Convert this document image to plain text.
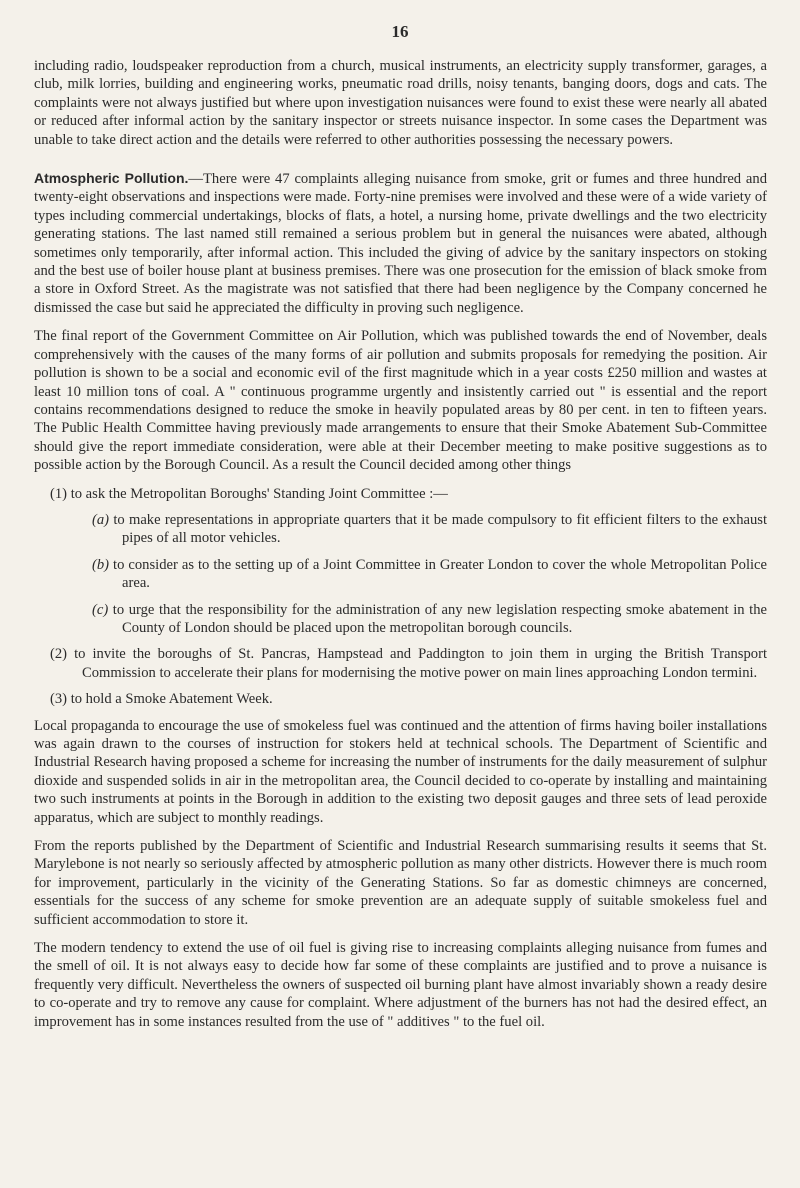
16

including radio, loudspeaker reproduction from a church, musical instruments, an electricity supply transformer, garages, a club, milk lorries, building and engineering works, pneumatic road drills, noisy tenants, banging doors, dogs and cats. The complaints were not always justified but where upon investigation nuisances were found to exist these were nearly all abated or reduced after informal action by the sanitary inspector or streets nuisance inspector. In some cases the Department was unable to take direct action and the details were referred to other authorities possessing the necessary powers.

Atmospheric Pollution.—There were 47 complaints alleging nuisance from smoke, grit or fumes and three hundred and twenty-eight observations and inspections were made. Forty-nine premises were involved and these were of a wide variety of types including commercial undertakings, blocks of flats, a hotel, a nursing home, private dwellings and the two electricity generating stations. The last named still remained a serious problem but in general the nuisances were abated, although sometimes only temporarily, after informal action. This included the giving of advice by the sanitary inspectors on stoking and the best use of boiler house plant at business premises. There was one prosecution for the emission of black smoke from a store in Oxford Street. As the magistrate was not satisfied that there had been negligence by the Company concerned he dismissed the case but said he appreciated the difficulty in proving such negligence.

The final report of the Government Committee on Air Pollution, which was published towards the end of November, deals comprehensively with the causes of the many forms of air pollution and submits proposals for remedying the position. Air pollution is shown to be a social and economic evil of the first magnitude which in a year costs £250 million and wastes at least 10 million tons of coal. A " continuous programme urgently and insistently carried out " is essential and the report contains recommendations designed to reduce the smoke in heavily populated areas by 80 per cent. in ten to fifteen years. The Public Health Committee having previously made arrangements to ensure that their Smoke Abatement Sub-Committee should give the report immediate consideration, were able at their December meeting to make positive suggestions as to possible action by the Borough Council. As a result the Council decided among other things

(1) to ask the Metropolitan Boroughs' Standing Joint Committee :—
(a) to make representations in appropriate quarters that it be made compulsory to fit efficient filters to the exhaust pipes of all motor vehicles.
(b) to consider as to the setting up of a Joint Committee in Greater London to cover the whole Metropolitan Police area.
(c) to urge that the responsibility for the administration of any new legislation respecting smoke abatement in the County of London should be placed upon the metropolitan borough councils.
(2) to invite the boroughs of St. Pancras, Hampstead and Paddington to join them in urging the British Transport Commission to accelerate their plans for modernising the motive power on main lines approaching London termini.
(3) to hold a Smoke Abatement Week.

Local propaganda to encourage the use of smokeless fuel was continued and the attention of firms having boiler installations was again drawn to the courses of instruction for stokers held at technical schools. The Department of Scientific and Industrial Research having proposed a scheme for increasing the number of instruments for the daily measurement of sulphur dioxide and suspended solids in air in the metropolitan area, the Council decided to co-operate by installing and maintaining two such instruments at points in the Borough in addition to the existing two deposit gauges and three sets of lead peroxide apparatus, which are subject to monthly readings.

From the reports published by the Department of Scientific and Industrial Research summarising results it seems that St. Marylebone is not nearly so seriously affected by atmospheric pollution as many other districts. However there is much room for improvement, particularly in the vicinity of the Generating Stations. So far as domestic chimneys are concerned, essentials for the success of any scheme for smoke prevention are an adequate supply of suitable smokeless fuel and sufficient accommodation to store it.

The modern tendency to extend the use of oil fuel is giving rise to increasing complaints alleging nuisance from fumes and the smell of oil. It is not always easy to decide how far some of these complaints are justified and to prove a nuisance is frequently very difficult. Nevertheless the owners of suspected oil burning plant have almost invariably shown a ready desire to co-operate and try to remove any cause for complaint. Where adjustment of the burners has not had the desired effect, an improvement has in some instances resulted from the use of " additives " to the fuel oil.
